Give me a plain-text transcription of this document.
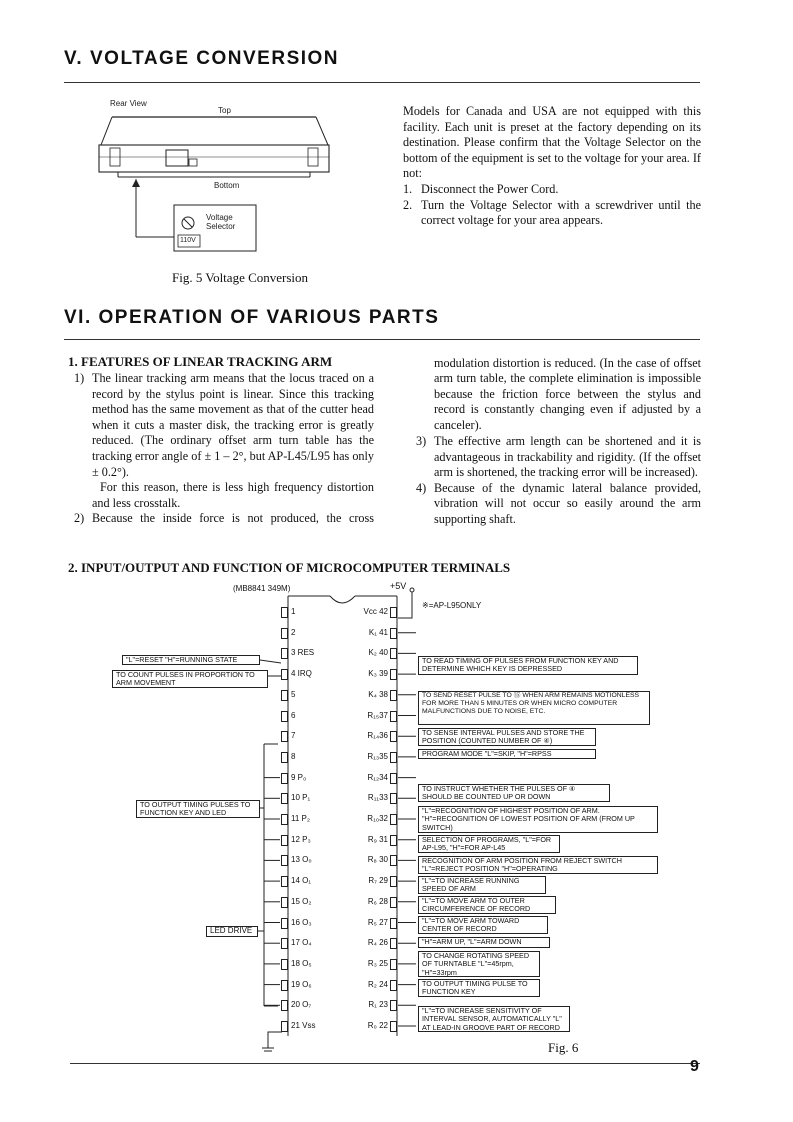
V. VOLTAGE CONVERSION
Rear View
Top
Bottom
Voltage Selector
110V
Fig. 5 Voltage Conversion

Models for Canada and USA are not equipped with this facility. Each unit is preset at the factory depending on its destination. Please confirm that the Voltage Selector on the bottom of the equipment is set to the voltage for your area. If not:

1. Disconnect the Power Cord.
2. Turn the Voltage Selector with a screwdriver until the correct voltage for your area appears.
VI. OPERATION OF VARIOUS PARTS
1. FEATURES OF LINEAR TRACKING ARM
1) The linear tracking arm means that the locus traced on a record by the stylus point is linear. Since this tracking method has the same movement as that of the cutter head when it cuts a master disk, the tracking error is greatly reduced. (The ordinary offset arm turn table has the tracking error angle of ± 1 – 2°, but AP-L45/L95 has only ± 0.2°).

For this reason, there is less high frequency distortion and less crosstalk.

2) Because the inside force is not produced, the cross

modulation distortion is reduced. (In the case of offset arm turn table, the complete elimination is impossible because the friction force between the stylus and record is constantly changing even if adjusted by a canceler).

3) The effective arm length can be shortened and it is advantageous in trackability and rigidity. (If the offset arm is shortened, the tracking error will be increased).
4) Because of the dynamic lateral balance provided, vibration will not occur so easily around the arm supporting shaft.
2. INPUT/OUTPUT AND FUNCTION OF MICROCOMPUTER TERMINALS
(MB8841 349M)	+5V
※=AP-L95ONLY
1
2
3 RES
4 IRQ
5
6
7
8
9 P₀
10 P₁
11 P₂
12 P₃
13 O₀
14 O₁
15 O₂
16 O₃
17 O₄
18 O₅
19 O₆
20 O₇
21 Vss
Vcc 42
K₁ 41
K₂ 40
K₃ 39
K₄ 38
R₁₅37
R₁₄36
R₁₃35
R₁₂34
R₁₁33
R₁₀32
R₉ 31
R₈ 30
R₇ 29
R₆ 28
R₅ 27
R₄ 26
R₃ 25
R₂ 24
R₁ 23
R₀ 22
"L"=RESET "H"=RUNNING STATE
TO COUNT PULSES IN PROPORTION TO ARM MOVEMENT
TO OUTPUT TIMING PULSES TO FUNCTION KEY AND LED
LED DRIVE
TO READ TIMING OF PULSES FROM FUNCTION KEY AND DETERMINE WHICH KEY IS DEPRESSED
TO SEND RESET PULSE TO ⑮ WHEN ARM REMAINS MOTIONLESS FOR MORE THAN 5 MINUTES OR WHEN MICRO COMPUTER MALFUNCTIONS DUE TO NOISE, ETC.
TO SENSE INTERVAL PULSES AND STORE THE POSITION (COUNTED NUMBER OF ④)
PROGRAM MODE "L"=SKIP, "H"=RPSS
TO INSTRUCT WHETHER THE PULSES OF ④ SHOULD BE COUNTED UP OR DOWN
"L"=RECOGNITION OF HIGHEST POSITION OF ARM. "H"=RECOGNITION OF LOWEST POSITION OF ARM (FROM UP SWITCH)
SELECTION OF PROGRAMS, "L"=FOR AP-L95, "H"=FOR AP-L45
RECOGNITION OF ARM POSITION FROM REJECT SWITCH "L"=REJECT POSITION "H"=OPERATING
"L"=TO INCREASE RUNNING SPEED OF ARM
"L"=TO MOVE ARM TO OUTER CIRCUMFERENCE OF RECORD
"L"=TO MOVE ARM TOWARD CENTER OF RECORD
"H"=ARM UP, "L"=ARM DOWN
TO CHANGE ROTATING SPEED OF TURNTABLE "L"=45rpm, "H"=33rpm
TO OUTPUT TIMING PULSE TO FUNCTION KEY
"L"=TO INCREASE SENSITIVITY OF INTERVAL SENSOR, AUTOMATICALLY "L" AT LEAD-IN GROOVE PART OF RECORD
Fig. 6
9
